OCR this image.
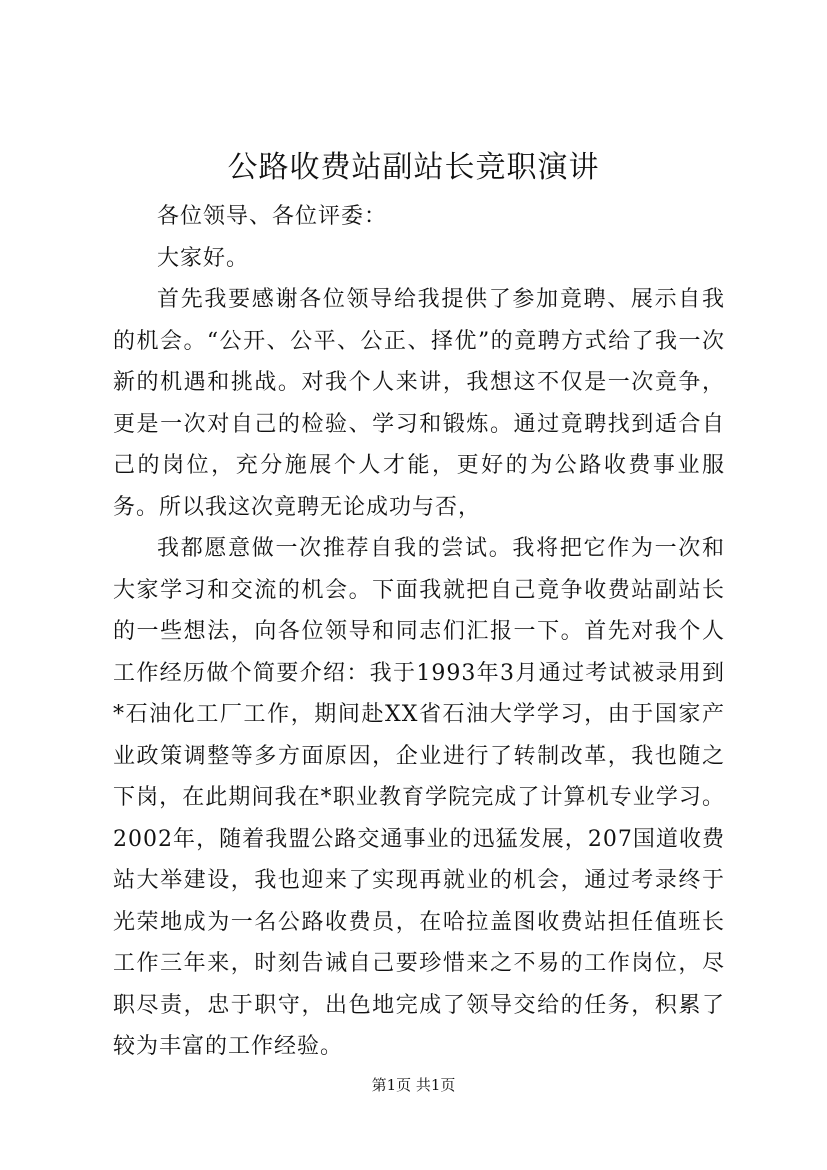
公路收费站副站长竞职演讲

各位领导、各位评委：

大家好。

首先我要感谢各位领导给我提供了参加竟聘、展示自我的机会。“公开、公平、公正、择优”的竟聘方式给了我一次新的机遇和挑战。对我个人来讲，我想这不仅是一次竟争，更是一次对自己的检验、学习和锻炼。通过竟聘找到适合自己的岗位，充分施展个人才能，更好的为公路收费事业服务。所以我这次竟聘无论成功与否，

我都愿意做一次推荐自我的尝试。我将把它作为一次和大家学习和交流的机会。下面我就把自己竟争收费站副站长的一些想法，向各位领导和同志们汇报一下。首先对我个人工作经历做个简要介绍：我于1993年3月通过考试被录用到*石油化工厂工作，期间赴XX省石油大学学习，由于国家产业政策调整等多方面原因，企业进行了转制改革，我也随之下岗，在此期间我在*职业教育学院完成了计算机专业学习。2002年，随着我盟公路交通事业的迅猛发展，207国道收费站大举建设，我也迎来了实现再就业的机会，通过考录终于光荣地成为一名公路收费员，在哈拉盖图收费站担任值班长工作三年来，时刻告诫自己要珍惜来之不易的工作岗位，尽职尽责，忠于职守，出色地完成了领导交给的任务，积累了较为丰富的工作经验。

第1页 共1页
